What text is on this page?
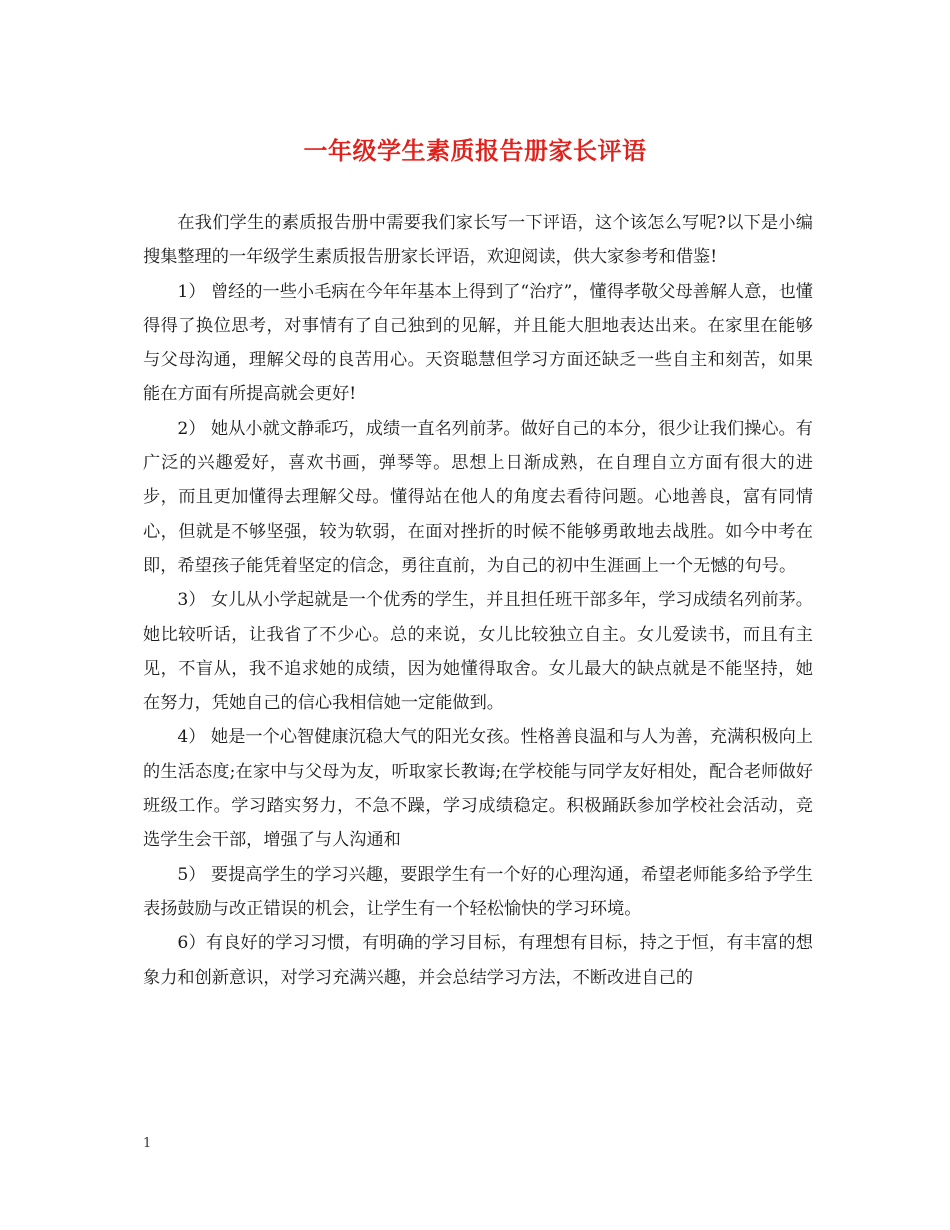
一年级学生素质报告册家长评语

在我们学生的素质报告册中需要我们家长写一下评语，这个该怎么写呢?以下是小编搜集整理的一年级学生素质报告册家长评语，欢迎阅读，供大家参考和借鉴!

1） 曾经的一些小毛病在今年年基本上得到了“治疗”，懂得孝敬父母善解人意，也懂得得了换位思考，对事情有了自己独到的见解，并且能大胆地表达出来。在家里在能够与父母沟通，理解父母的良苦用心。天资聪慧但学习方面还缺乏一些自主和刻苦，如果能在方面有所提高就会更好!

2） 她从小就文静乖巧，成绩一直名列前茅。做好自己的本分，很少让我们操心。有广泛的兴趣爱好，喜欢书画，弹琴等。思想上日渐成熟，在自理自立方面有很大的进步，而且更加懂得去理解父母。懂得站在他人的角度去看待问题。心地善良，富有同情心，但就是不够坚强，较为软弱，在面对挫折的时候不能够勇敢地去战胜。如今中考在即，希望孩子能凭着坚定的信念，勇往直前，为自己的初中生涯画上一个无憾的句号。

3） 女儿从小学起就是一个优秀的学生，并且担任班干部多年，学习成绩名列前茅。她比较听话，让我省了不少心。总的来说，女儿比较独立自主。女儿爱读书，而且有主见，不盲从，我不追求她的成绩，因为她懂得取舍。女儿最大的缺点就是不能坚持，她在努力，凭她自己的信心我相信她一定能做到。

4） 她是一个心智健康沉稳大气的阳光女孩。性格善良温和与人为善，充满积极向上的生活态度;在家中与父母为友，听取家长教诲;在学校能与同学友好相处，配合老师做好班级工作。学习踏实努力，不急不躁，学习成绩稳定。积极踊跃参加学校社会活动，竞选学生会干部，增强了与人沟通和

5） 要提高学生的学习兴趣，要跟学生有一个好的心理沟通，希望老师能多给予学生表扬鼓励与改正错误的机会，让学生有一个轻松愉快的学习环境。

6）有良好的学习习惯，有明确的学习目标，有理想有目标，持之于恒，有丰富的想象力和创新意识，对学习充满兴趣，并会总结学习方法，不断改进自己的

1
